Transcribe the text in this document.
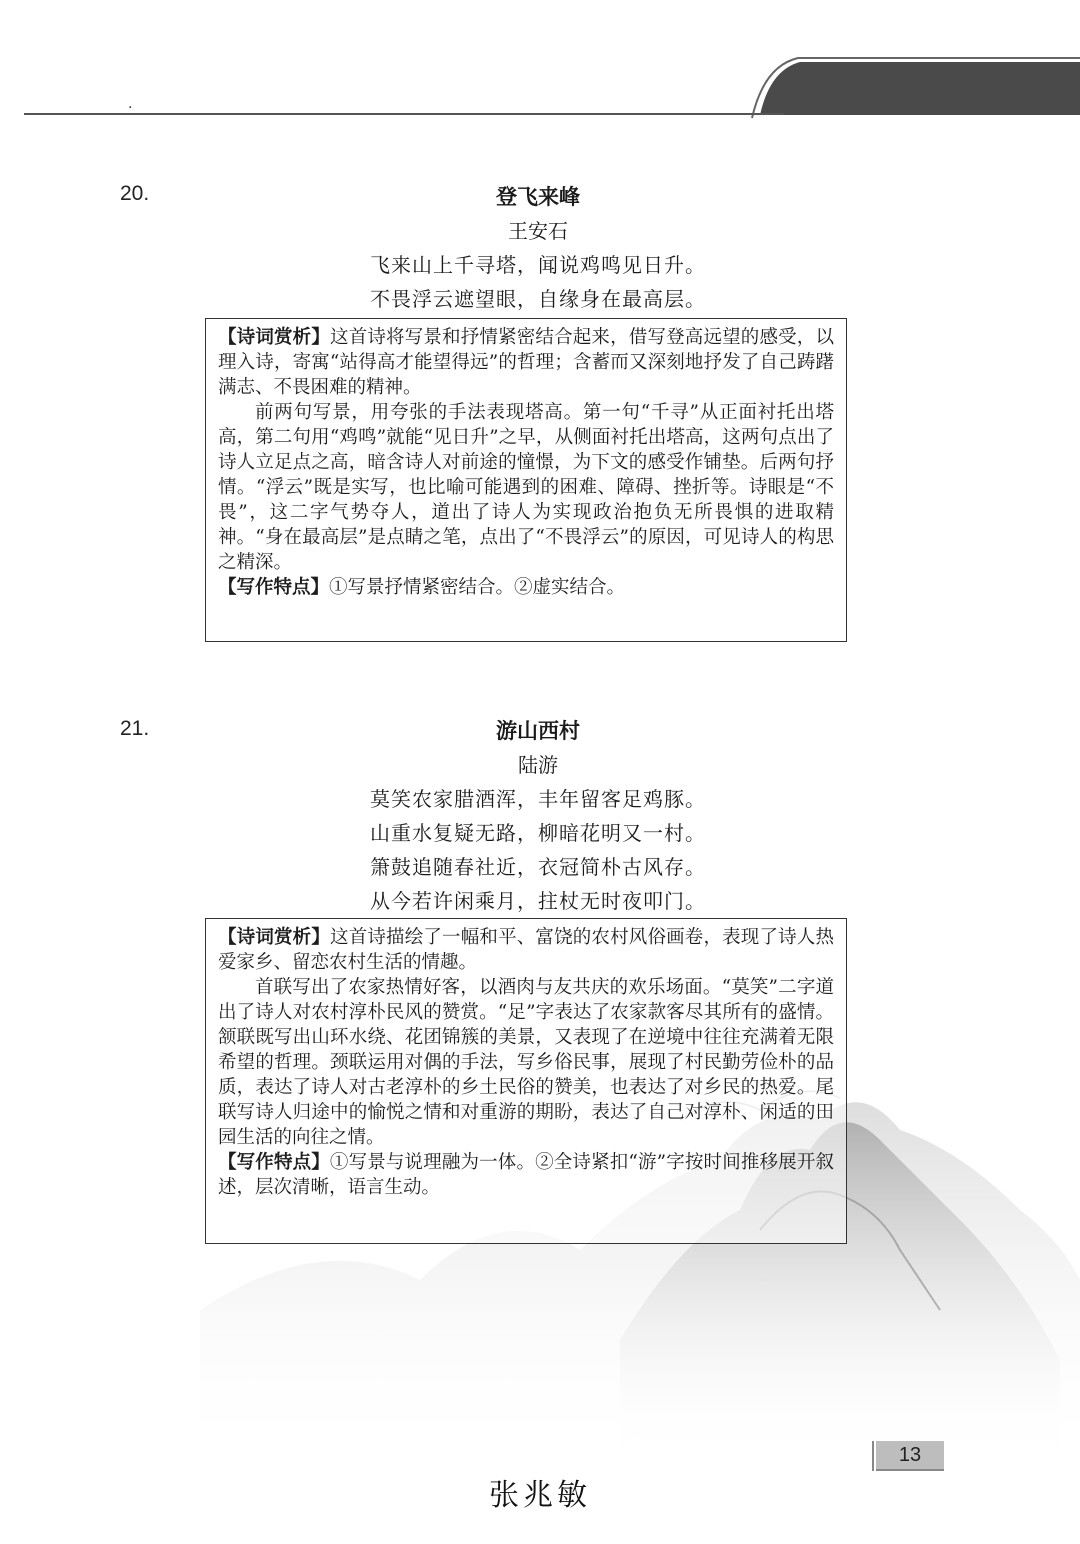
.
20.	登飞来峰
王安石
飞来山上千寻塔，闻说鸡鸣见日升。
不畏浮云遮望眼，自缘身在最高层。

【诗词赏析】这首诗将写景和抒情紧密结合起来，借写登高远望的感受，以理入诗，寄寓“站得高才能望得远”的哲理；含蓄而又深刻地抒发了自己踌躇满志、不畏困难的精神。

前两句写景，用夸张的手法表现塔高。第一句“千寻”从正面衬托出塔高，第二句用“鸡鸣”就能“见日升”之早，从侧面衬托出塔高，这两句点出了诗人立足点之高，暗含诗人对前途的憧憬，为下文的感受作铺垫。后两句抒情。“浮云”既是实写，也比喻可能遇到的困难、障碍、挫折等。诗眼是“不畏”，这二字气势夺人，道出了诗人为实现政治抱负无所畏惧的进取精神。“身在最高层”是点睛之笔，点出了“不畏浮云”的原因，可见诗人的构思之精深。

【写作特点】①写景抒情紧密结合。②虚实结合。

21.	游山西村
陆游
莫笑农家腊酒浑，丰年留客足鸡豚。
山重水复疑无路，柳暗花明又一村。
箫鼓追随春社近，衣冠简朴古风存。
从今若许闲乘月，拄杖无时夜叩门。

【诗词赏析】这首诗描绘了一幅和平、富饶的农村风俗画卷，表现了诗人热爱家乡、留恋农村生活的情趣。

首联写出了农家热情好客，以酒肉与友共庆的欢乐场面。“莫笑”二字道出了诗人对农村淳朴民风的赞赏。“足”字表达了农家款客尽其所有的盛情。颔联既写出山环水绕、花团锦簇的美景，又表现了在逆境中往往充满着无限希望的哲理。颈联运用对偶的手法，写乡俗民事，展现了村民勤劳俭朴的品质，表达了诗人对古老淳朴的乡土民俗的赞美，也表达了对乡民的热爱。尾联写诗人归途中的愉悦之情和对重游的期盼，表达了自己对淳朴、闲适的田园生活的向往之情。

【写作特点】①写景与说理融为一体。②全诗紧扣“游”字按时间推移展开叙述，层次清晰，语言生动。

13
张兆敏
